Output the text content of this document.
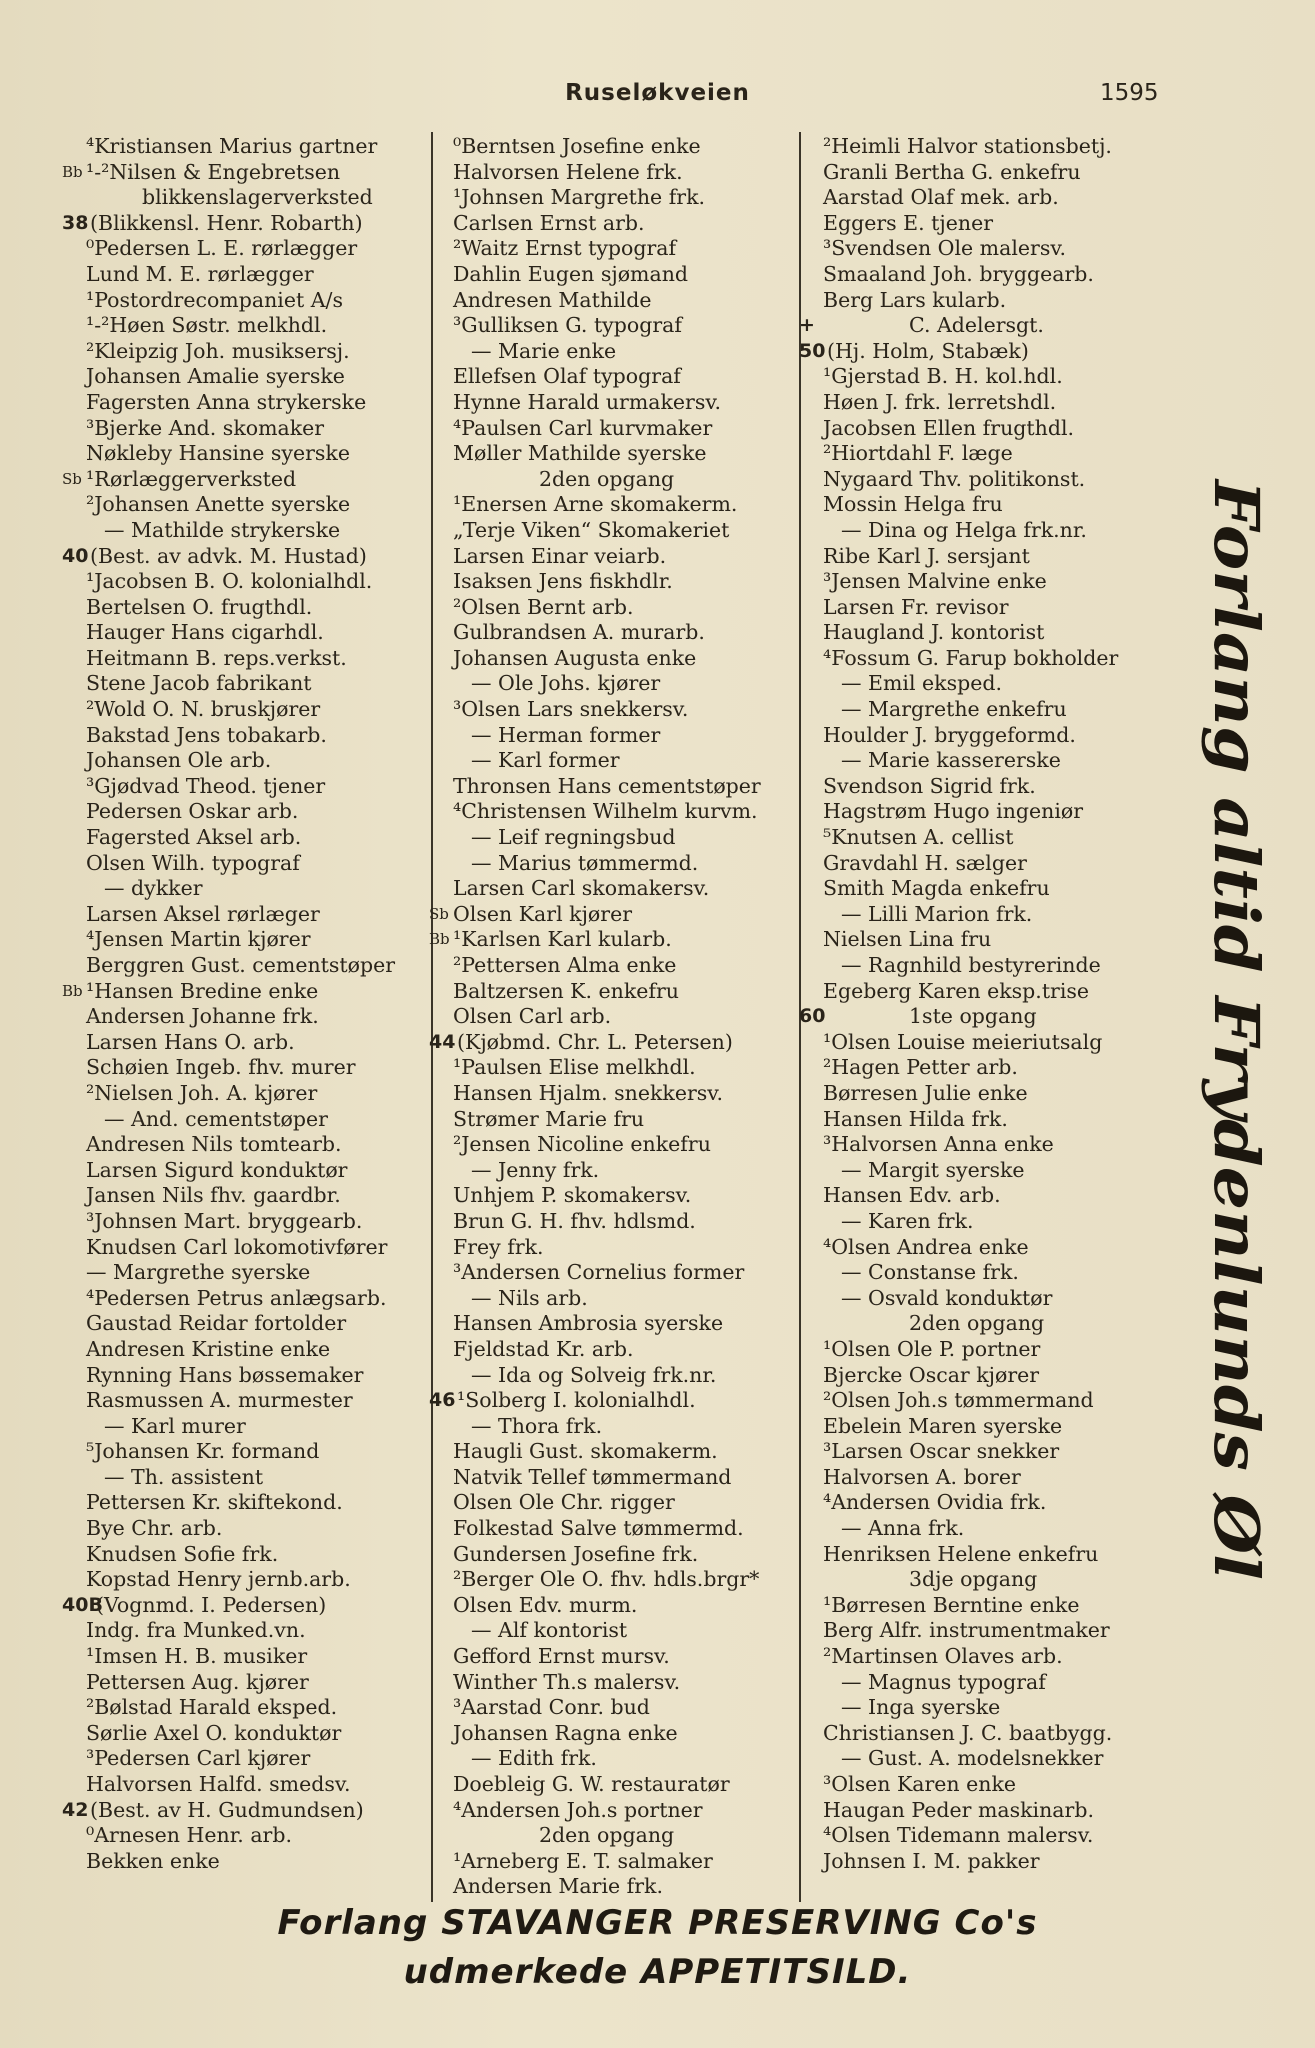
Ruseløkveien	1595
⁴Kristiansen Marius gartner
Bb ¹-²Nilsen & Engebretsen
blikkenslagerverksted
38 (Blikkensl. Henr. Robarth)
⁰Pedersen L. E. rørlægger
Lund M. E. rørlægger
¹Postordrecompaniet A/s
¹-²Høen Søstr. melkhdl.
²Kleipzig Joh. musiksersj.
Johansen Amalie syerske
Fagersten Anna strykerske
³Bjerke And. skomaker
Nøkleby Hansine syerske
Sb ¹Rørlæggerverksted
²Johansen Anette syerske
— Mathilde strykerske
40 (Best. av advk. M. Hustad)
¹Jacobsen B. O. kolonialhdl.
Bertelsen O. frugthdl.
Hauger Hans cigarhdl.
Heitmann B. reps.verkst.
Stene Jacob fabrikant
²Wold O. N. bruskjører
Bakstad Jens tobakarb.
Johansen Ole arb.
³Gjødvad Theod. tjener
Pedersen Oskar arb.
Fagersted Aksel arb.
Olsen Wilh. typograf
— dykker
Larsen Aksel rørlæger
⁴Jensen Martin kjører
Berggren Gust. cementstøper
Bb ¹Hansen Bredine enke
Andersen Johanne frk.
Larsen Hans O. arb.
Schøien Ingeb. fhv. murer
²Nielsen Joh. A. kjører
— And. cementstøper
Andresen Nils tomtearb.
Larsen Sigurd konduktør
Jansen Nils fhv. gaardbr.
³Johnsen Mart. bryggearb.
Knudsen Carl lokomotivfører
— Margrethe syerske
⁴Pedersen Petrus anlægsarb.
Gaustad Reidar fortolder
Andresen Kristine enke
Rynning Hans bøssemaker
Rasmussen A. murmester
— Karl murer
⁵Johansen Kr. formand
— Th. assistent
Pettersen Kr. skiftekond.
Bye Chr. arb.
Knudsen Sofie frk.
Kopstad Henry jernb.arb.
40B
(Vognmd. I. Pedersen)
Indg. fra Munked.vn.
¹Imsen H. B. musiker
Pettersen Aug. kjører
²Bølstad Harald eksped.
Sørlie Axel O. konduktør
³Pedersen Carl kjører
Halvorsen Halfd. smedsv.
42 (Best. av H. Gudmundsen)
⁰Arnesen Henr. arb.
Bekken enke
⁰Berntsen Josefine enke
Halvorsen Helene frk.
¹Johnsen Margrethe frk.
Carlsen Ernst arb.
²Waitz Ernst typograf
Dahlin Eugen sjømand
Andresen Mathilde
³Gulliksen G. typograf
— Marie enke
Ellefsen Olaf typograf
Hynne Harald urmakersv.
⁴Paulsen Carl kurvmaker
Møller Mathilde syerske
2den opgang
¹Enersen Arne skomakerm.
„Terje Viken“ Skomakeriet
Larsen Einar veiarb.
Isaksen Jens fiskhdlr.
²Olsen Bernt arb.
Gulbrandsen A. murarb.
Johansen Augusta enke
— Ole Johs. kjører
³Olsen Lars snekkersv.
— Herman former
— Karl former
Thronsen Hans cementstøper
⁴Christensen Wilhelm kurvm.
— Leif regningsbud
— Marius tømmermd.
Larsen Carl skomakersv.
Sb Olsen Karl kjører
Bb ¹Karlsen Karl kularb.
²Pettersen Alma enke
Baltzersen K. enkefru
Olsen Carl arb.
44 (Kjøbmd. Chr. L. Petersen)
¹Paulsen Elise melkhdl.
Hansen Hjalm. snekkersv.
Strømer Marie fru
²Jensen Nicoline enkefru
— Jenny frk.
Unhjem P. skomakersv.
Brun G. H. fhv. hdlsmd.
Frey frk.
³Andersen Cornelius former
— Nils arb.
Hansen Ambrosia syerske
Fjeldstad Kr. arb.
— Ida og Solveig frk.nr.
46 ¹Solberg I. kolonialhdl.
— Thora frk.
Haugli Gust. skomakerm.
Natvik Tellef tømmermand
Olsen Ole Chr. rigger
Folkestad Salve tømmermd.
Gundersen Josefine frk.
²Berger Ole O. fhv. hdls.brgr*
Olsen Edv. murm.
— Alf kontorist
Gefford Ernst mursv.
Winther Th.s malersv.
³Aarstad Conr. bud
Johansen Ragna enke
— Edith frk.
Doebleig G. W. restauratør
⁴Andersen Joh.s portner
2den opgang
¹Arneberg E. T. salmaker
Andersen Marie frk.
²Heimli Halvor stationsbetj.
Granli Bertha G. enkefru
Aarstad Olaf mek. arb.
Eggers E. tjener
³Svendsen Ole malersv.
Smaaland Joh. bryggearb.
Berg Lars kularb.
+	C. Adelersgt.
50 (Hj. Holm, Stabæk)
¹Gjerstad B. H. kol.hdl.
Høen J. frk. lerretshdl.
Jacobsen Ellen frugthdl.
²Hiortdahl F. læge
Nygaard Thv. politikonst.
Mossin Helga fru
— Dina og Helga frk.nr.
Ribe Karl J. sersjant
³Jensen Malvine enke
Larsen Fr. revisor
Haugland J. kontorist
⁴Fossum G. Farup bokholder
— Emil eksped.
— Margrethe enkefru
Houlder J. bryggeformd.
— Marie kassererske
Svendson Sigrid frk.
Hagstrøm Hugo ingeniør
⁵Knutsen A. cellist
Gravdahl H. sælger
Smith Magda enkefru
— Lilli Marion frk.
Nielsen Lina fru
— Ragnhild bestyrerinde
Egeberg Karen eksp.trise
60	1ste opgang
¹Olsen Louise meieriutsalg
²Hagen Petter arb.
Børresen Julie enke
Hansen Hilda frk.
³Halvorsen Anna enke
— Margit syerske
Hansen Edv. arb.
— Karen frk.
⁴Olsen Andrea enke
— Constanse frk.
— Osvald konduktør
2den opgang
¹Olsen Ole P. portner
Bjercke Oscar kjører
²Olsen Joh.s tømmermand
Ebelein Maren syerske
³Larsen Oscar snekker
Halvorsen A. borer
⁴Andersen Ovidia frk.
— Anna frk.
Henriksen Helene enkefru
3dje opgang
¹Børresen Berntine enke
Berg Alfr. instrumentmaker
²Martinsen Olaves arb.
— Magnus typograf
— Inga syerske
Christiansen J. C. baatbygg.
— Gust. A. modelsnekker
³Olsen Karen enke
Haugan Peder maskinarb.
⁴Olsen Tidemann malersv.
Johnsen I. M. pakker
Forlang altid Frydenlunds Øl
Forlang STAVANGER PRESERVING Co's
udmerkede APPETITSILD.
